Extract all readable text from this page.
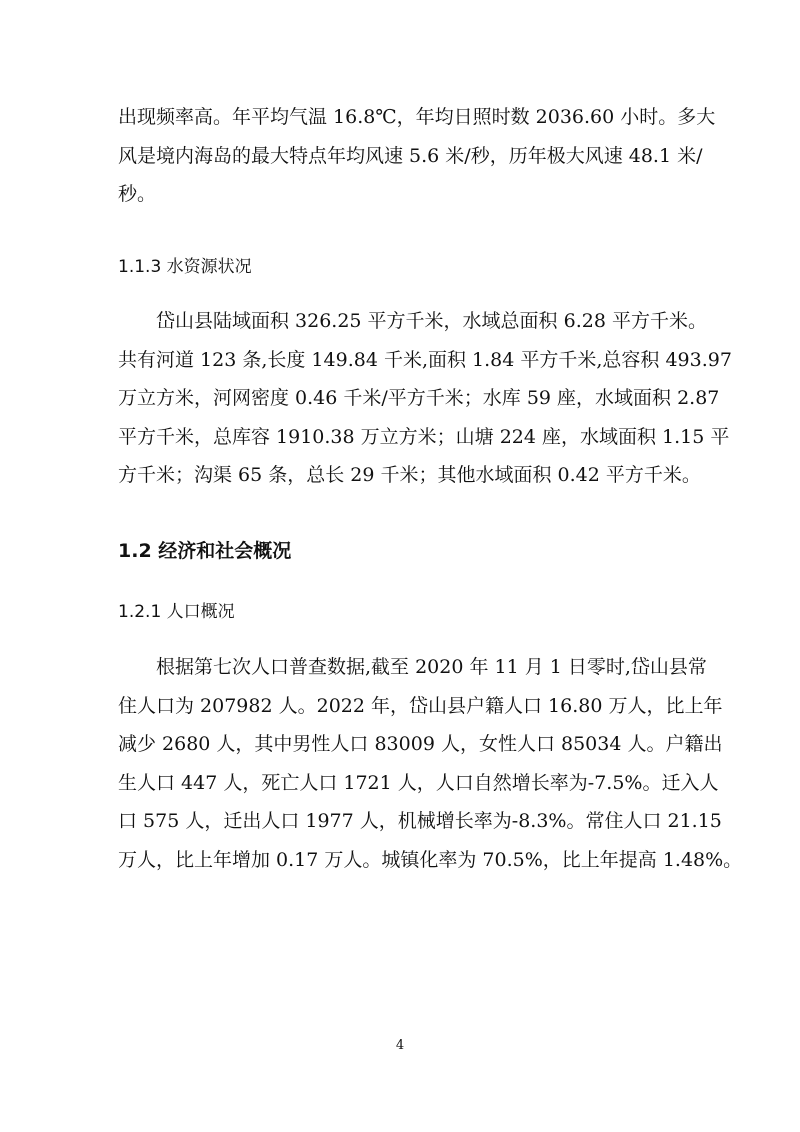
出现频率高。年平均气温 16.8℃，年均日照时数 2036.60 小时。多大
风是境内海岛的最大特点年均风速 5.6 米/秒，历年极大风速 48.1 米/
秒。
1.1.3 水资源状况
　　岱山县陆域面积 326.25 平方千米，水域总面积 6.28 平方千米。
共有河道 123 条,长度 149.84 千米,面积 1.84 平方千米,总容积 493.97
万立方米，河网密度 0.46 千米/平方千米；水库 59 座，水域面积 2.87
平方千米，总库容 1910.38 万立方米；山塘 224 座，水域面积 1.15 平
方千米；沟渠 65 条，总长 29 千米；其他水域面积 0.42 平方千米。
1.2 经济和社会概况
1.2.1 人口概况
　　根据第七次人口普查数据,截至 2020 年 11 月 1 日零时,岱山县常
住人口为 207982 人。2022 年，岱山县户籍人口 16.80 万人，比上年
减少 2680 人，其中男性人口 83009 人，女性人口 85034 人。户籍出
生人口 447 人，死亡人口 1721 人，人口自然增长率为-7.5%。迁入人
口 575 人，迁出人口 1977 人，机械增长率为-8.3%。常住人口 21.15
万人，比上年增加 0.17 万人。城镇化率为 70.5%，比上年提高 1.48%。
4
